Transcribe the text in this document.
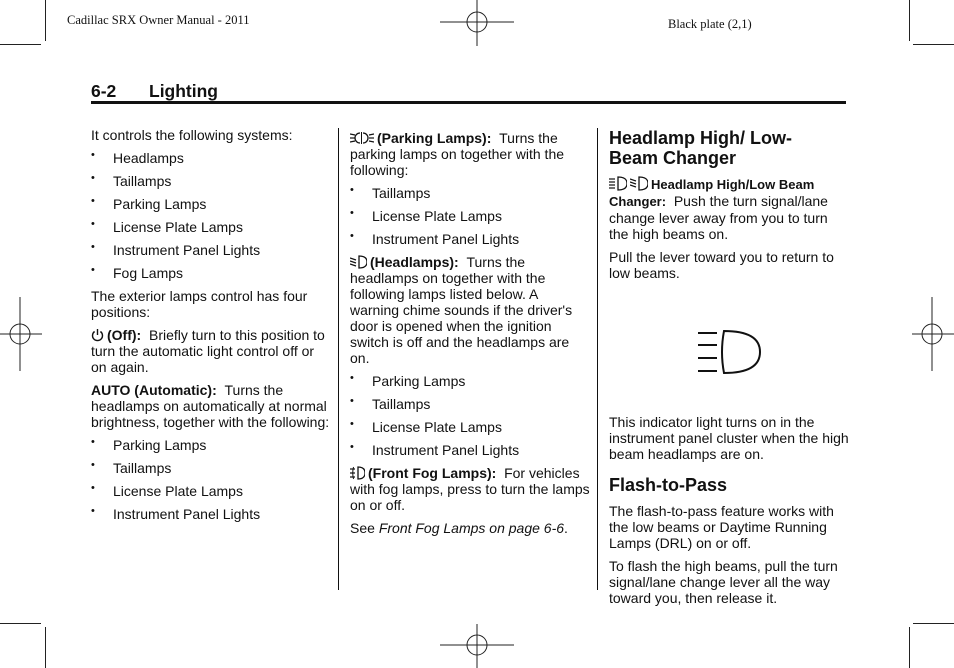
Cadillac SRX Owner Manual - 2011	Black plate (2,1)
6-2 Lighting

It controls the following systems:

• Headlamps
• Taillamps
• Parking Lamps
• License Plate Lamps
• Instrument Panel Lights
• Fog Lamps

The exterior lamps control has four positions:

(Off): Briefly turn to this position to turn the automatic light control off or on again.

AUTO (Automatic): Turns the headlamps on automatically at normal brightness, together with the following:

• Parking Lamps
• Taillamps
• License Plate Lamps
• Instrument Panel Lights

(Parking Lamps): Turns the parking lamps on together with the following:

• Taillamps
• License Plate Lamps
• Instrument Panel Lights

(Headlamps): Turns the headlamps on together with the following lamps listed below. A warning chime sounds if the driver's door is opened when the ignition switch is off and the headlamps are on.

• Parking Lamps
• Taillamps
• License Plate Lamps
• Instrument Panel Lights

(Front Fog Lamps): For vehicles with fog lamps, press to turn the lamps on or off.

See Front Fog Lamps on page 6-6.

Headlamp High/ Low-Beam Changer

Headlamp High/Low Beam Changer: Push the turn signal/lane change lever away from you to turn the high beams on.

Pull the lever toward you to return to low beams.

This indicator light turns on in the instrument panel cluster when the high beam headlamps are on.

Flash-to-Pass

The flash-to-pass feature works with the low beams or Daytime Running Lamps (DRL) on or off.

To flash the high beams, pull the turn signal/lane change lever all the way toward you, then release it.
